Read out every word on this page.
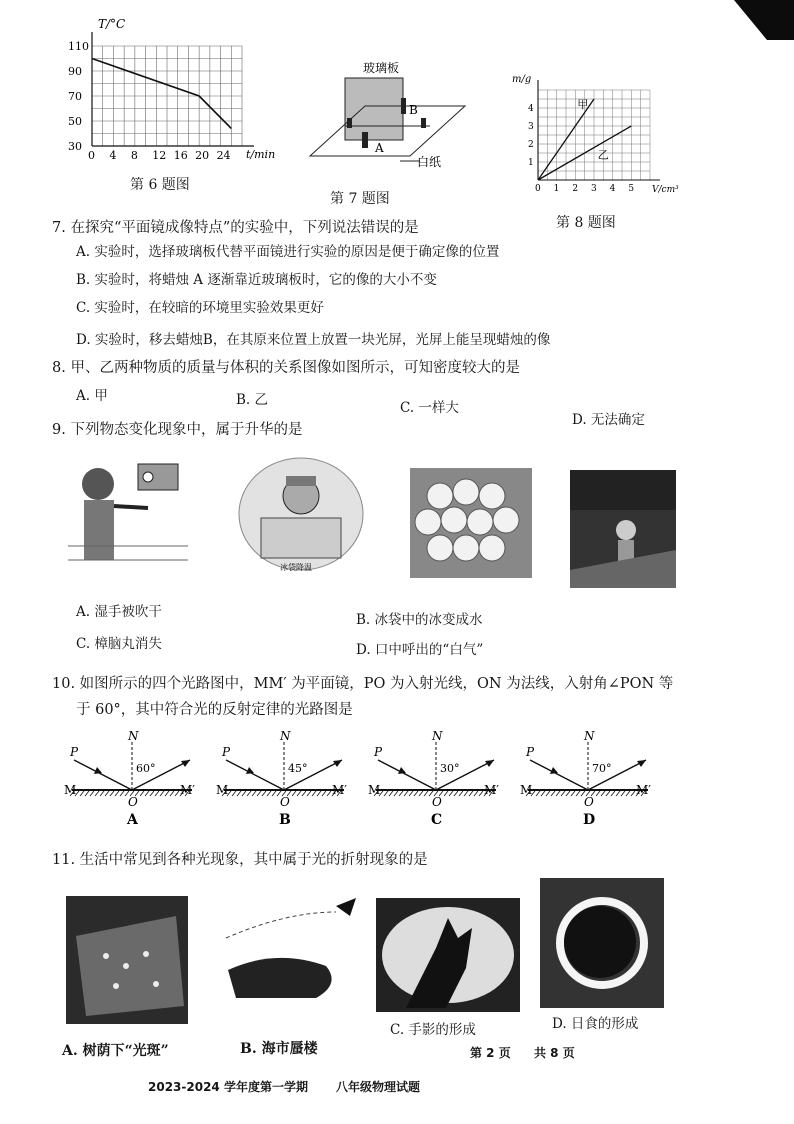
0 4 8 12 16 20 24
30
50
70
90
110
T/°C
t/min
第 6 题图
玻璃板
B
A
白纸
第 7 题图
0 1 2 3 4 5
1
2
3
4
m/g
V/cm³
甲
乙
第 8 题图
7. 在探究“平面镜成像特点”的实验中，下列说法错误的是
A. 实验时，选择玻璃板代替平面镜进行实验的原因是便于确定像的位置
B. 实验时，将蜡烛 A 逐渐靠近玻璃板时，它的像的大小不变
C. 实验时，在较暗的环境里实验效果更好
D. 实验时，移去蜡烛B，在其原来位置上放置一块光屏，光屏上能呈现蜡烛的像
8. 甲、乙两种物质的质量与体积的关系图像如图所示，可知密度较大的是
A. 甲	B. 乙	C. 一样大
D. 无法确定
9. 下列物态变化现象中，属于升华的是
冰袋降温
A. 湿手被吹干	B. 冰袋中的冰变成水
C. 樟脑丸消失	D. 口中呼出的“白气”
10. 如图所示的四个光路图中，MM′ 为平面镜，PO 为入射光线，ON 为法线，入射角∠PON 等
于 60°，其中符合光的反射定律的光路图是
P
N
M	M′
O
60°
A
P
N
M	M′
O
45°
B
P
N
M	M′
O
30°
C
P
N
M	M′
O
70°
D
11. 生活中常见到各种光现象，其中属于光的折射现象的是
A. 树荫下“光斑”	B. 海市蜃楼
C. 手影的形成	D. 日食的形成
第 2 页 共 8 页
2023-2024 学年度第一学期 八年级物理试题
